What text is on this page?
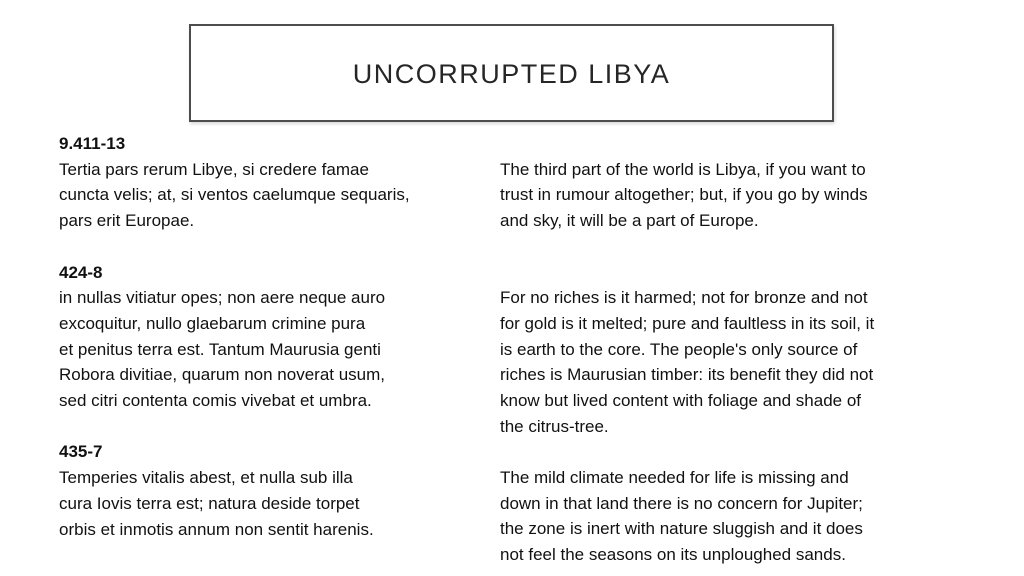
UNCORRUPTED LIBYA
9.411-13
Tertia pars rerum Libye, si credere famae
cuncta velis; at, si ventos caelumque sequaris,
pars erit Europae.
424-8
in nullas vitiatur opes; non aere neque auro
excoquitur, nullo glaebarum crimine pura
et penitus terra est. Tantum Maurusia genti
Robora divitiae, quarum non noverat usum,
sed citri contenta comis vivebat et umbra.
435-7
Temperies vitalis abest, et nulla sub illa
cura Iovis terra est; natura deside torpet
orbis et inmotis annum non sentit harenis.
The third part of the world is Libya, if you want to
trust in rumour altogether; but, if you go by winds
and sky, it will be a part of Europe.
For no riches is it harmed; not for bronze and not
for gold is it melted; pure and faultless in its soil, it
is earth to the core. The people's only source of
riches is Maurusian timber: its benefit they did not
know but lived content with foliage and shade of
the citrus-tree.
The mild climate needed for life is missing and
down in that land there is no concern for Jupiter;
the zone is inert with nature sluggish and it does
not feel the seasons on its unploughed sands.
